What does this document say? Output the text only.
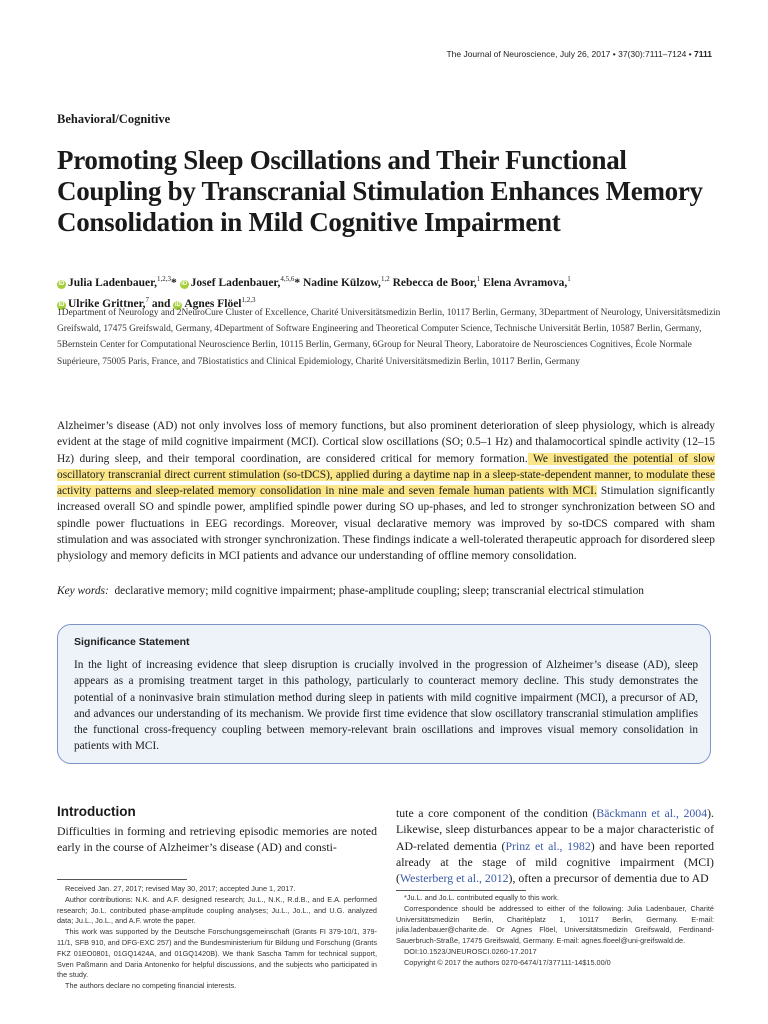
The Journal of Neuroscience, July 26, 2017 • 37(30):7111–7124 • 7111
Behavioral/Cognitive
Promoting Sleep Oscillations and Their Functional Coupling by Transcranial Stimulation Enhances Memory Consolidation in Mild Cognitive Impairment
iD Julia Ladenbauer,$^{1,2,3}$* iD Josef Ladenbauer,$^{4,5,6}$* Nadine Külzow,$^{1,2}$ Rebecca de Boor,$^1$ Elena Avramova,$^1$
iD Ulrike Grittner,$^7$ and iD Agnes Flöel$^{1,2,3}$
1Department of Neurology and 2NeuroCure Cluster of Excellence, Charité Universitätsmedizin Berlin, 10117 Berlin, Germany, 3Department of Neurology, Universitätsmedizin Greifswald, 17475 Greifswald, Germany, 4Department of Software Engineering and Theoretical Computer Science, Technische Universität Berlin, 10587 Berlin, Germany, 5Bernstein Center for Computational Neuroscience Berlin, 10115 Berlin, Germany, 6Group for Neural Theory, Laboratoire de Neurosciences Cognitives, École Normale Supérieure, 75005 Paris, France, and 7Biostatistics and Clinical Epidemiology, Charité Universitätsmedizin Berlin, 10117 Berlin, Germany
Alzheimer’s disease (AD) not only involves loss of memory functions, but also prominent deterioration of sleep physiology, which is already evident at the stage of mild cognitive impairment (MCI). Cortical slow oscillations (SO; 0.5–1 Hz) and thalamocortical spindle activity (12–15 Hz) during sleep, and their temporal coordination, are considered critical for memory formation. We investigated the potential of slow oscillatory transcranial direct current stimulation (so-tDCS), applied during a daytime nap in a sleep-state-dependent manner, to modulate these activity patterns and sleep-related memory consolidation in nine male and seven female human patients with MCI. Stimulation significantly increased overall SO and spindle power, amplified spindle power during SO up-phases, and led to stronger synchronization between SO and spindle power fluctuations in EEG recordings. Moreover, visual declarative memory was improved by so-tDCS compared with sham stimulation and was associated with stronger synchronization. These findings indicate a well-tolerated therapeutic approach for disordered sleep physiology and memory deficits in MCI patients and advance our understanding of offline memory consolidation.
Key words: declarative memory; mild cognitive impairment; phase-amplitude coupling; sleep; transcranial electrical stimulation
Significance Statement
In the light of increasing evidence that sleep disruption is crucially involved in the progression of Alzheimer’s disease (AD), sleep appears as a promising treatment target in this pathology, particularly to counteract memory decline. This study demonstrates the potential of a noninvasive brain stimulation method during sleep in patients with mild cognitive impairment (MCI), a precursor of AD, and advances our understanding of its mechanism. We provide first time evidence that slow oscillatory transcranial stimulation amplifies the functional cross-frequency coupling between memory-relevant brain oscillations and improves visual memory consolidation in patients with MCI.
Introduction
Difficulties in forming and retrieving episodic memories are noted early in the course of Alzheimer’s disease (AD) and consti-
tute a core component of the condition (Bäckmann et al., 2004). Likewise, sleep disturbances appear to be a major characteristic of AD-related dementia (Prinz et al., 1982) and have been reported already at the stage of mild cognitive impairment (MCI) (Westerberg et al., 2012), often a precursor of dementia due to AD

Received Jan. 27, 2017; revised May 30, 2017; accepted June 1, 2017.

Author contributions: N.K. and A.F. designed research; Ju.L., N.K., R.d.B., and E.A. performed research; Jo.L. contributed phase-amplitude coupling analyses; Ju.L., Jo.L., and U.G. analyzed data; Ju.L., Jo.L., and A.F. wrote the paper.

This work was supported by the Deutsche Forschungsgemeinschaft (Grants FI 379-10/1, 379-11/1, SFB 910, and DFG-EXC 257) and the Bundesministerium für Bildung und Forschung (Grants FKZ 01EO0801, 01GQ1424A, and 01GQ1420B). We thank Sascha Tamm for technical support, Sven Paßmann and Daria Antonenko for helpful discussions, and the subjects who participated in the study.

The authors declare no competing financial interests.

*Ju.L. and Jo.L. contributed equally to this work.

Correspondence should be addressed to either of the following: Julia Ladenbauer, Charité Universitätsmedizin Berlin, Charitéplatz 1, 10117 Berlin, Germany. E-mail: julia.ladenbauer@charite.de. Or Agnes Flöel, Universitätsmedizin Greifswald, Ferdinand-Sauerbruch-Straße, 17475 Greifswald, Germany. E-mail: agnes.floeel@uni-greifswald.de.

DOI:10.1523/JNEUROSCI.0260-17.2017

Copyright © 2017 the authors 0270-6474/17/377111-14$15.00/0
